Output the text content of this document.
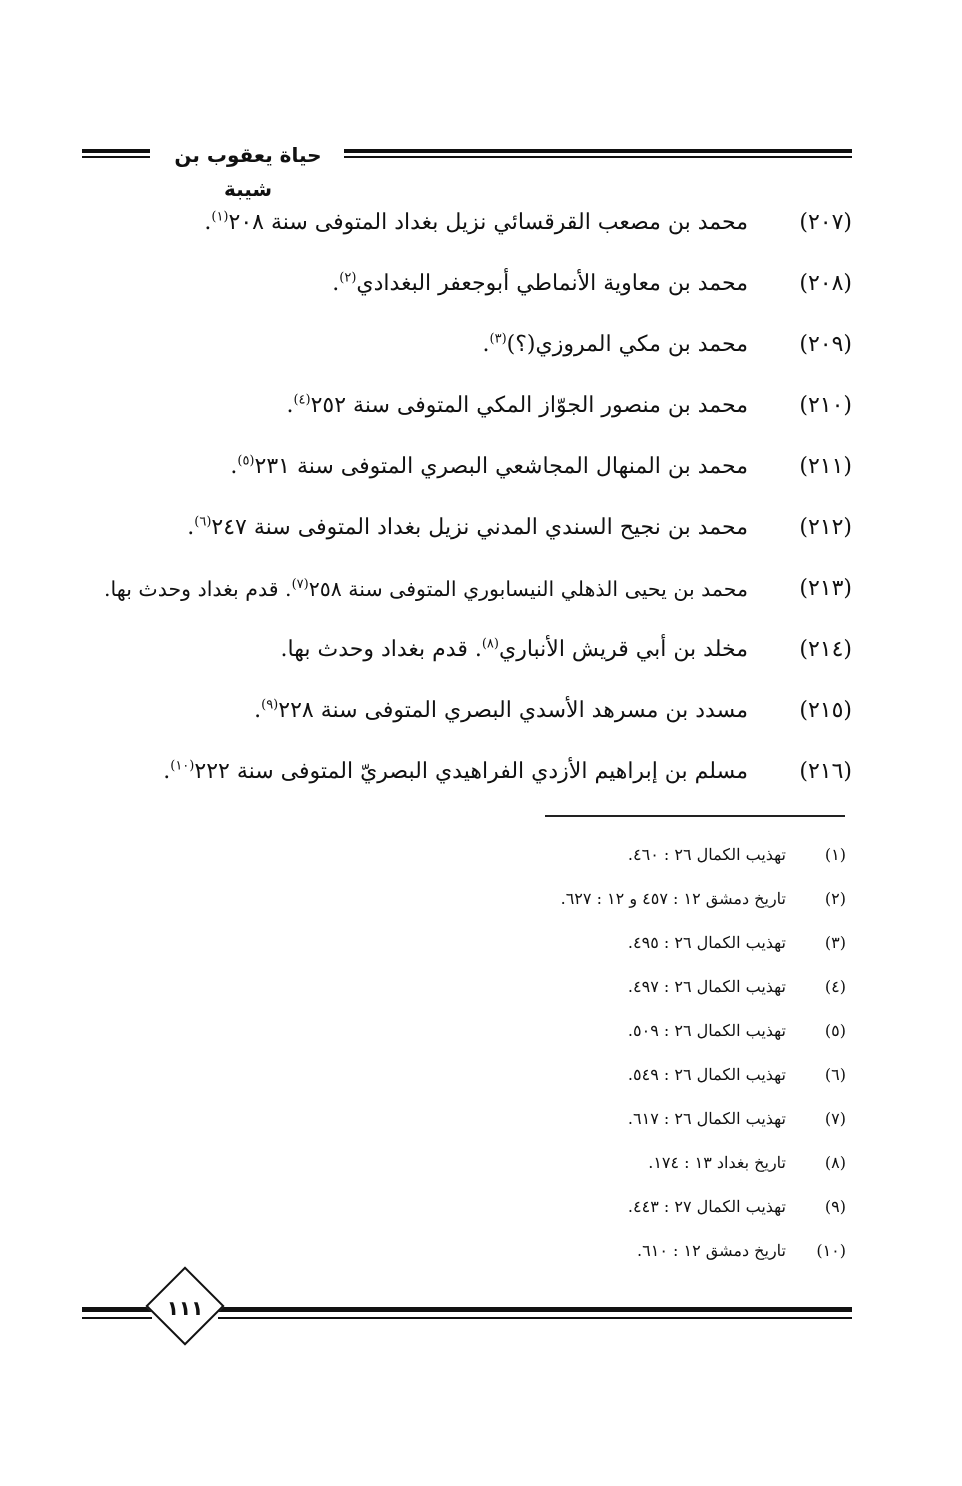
حياة يعقوب بن شيبة
(٢٠٧)
محمد بن مصعب القرقسائي نزيل بغداد المتوفى سنة ٢٠٨$^{(١)}$.
(٢٠٨)
محمد بن معاوية الأنماطي أبوجعفر البغدادي$^{(٢)}$.
(٢٠٩)
محمد بن مكي المروزي(؟)$^{(٣)}$.
(٢١٠)
محمد بن منصور الجوّاز المكي المتوفى سنة ٢٥٢$^{(٤)}$.
(٢١١)
محمد بن المنهال المجاشعي البصري المتوفى سنة ٢٣١$^{(٥)}$.
(٢١٢)
محمد بن نجيح السندي المدني نزيل بغداد المتوفى سنة ٢٤٧$^{(٦)}$.
(٢١٣)
محمد بن يحيى الذهلي النيسابوري المتوفى سنة ٢٥٨$^{(٧)}$. قدم بغداد وحدث بها.
(٢١٤)
مخلد بن أبي قريش الأنباري$^{(٨)}$. قدم بغداد وحدث بها.
(٢١٥)
مسدد بن مسرهد الأسدي البصري المتوفى سنة ٢٢٨$^{(٩)}$.
(٢١٦)
مسلم بن إبراهيم الأزدي الفراهيدي البصريّ المتوفى سنة ٢٢٢$^{(١٠)}$.
(١)
تهذيب الكمال ٢٦ : ٤٦٠.
(٢)
تاريخ دمشق ١٢ : ٤٥٧ و ١٢ : ٦٢٧.
(٣)
تهذيب الكمال ٢٦ : ٤٩٥.
(٤)
تهذيب الكمال ٢٦ : ٤٩٧.
(٥)
تهذيب الكمال ٢٦ : ٥٠٩.
(٦)
تهذيب الكمال ٢٦ : ٥٤٩.
(٧)
تهذيب الكمال ٢٦ : ٦١٧.
(٨)
تاريخ بغداد ١٣ : ١٧٤.
(٩)
تهذيب الكمال ٢٧ : ٤٤٣.
(١٠)
تاريخ دمشق ١٢ : ٦١٠.
١١١
